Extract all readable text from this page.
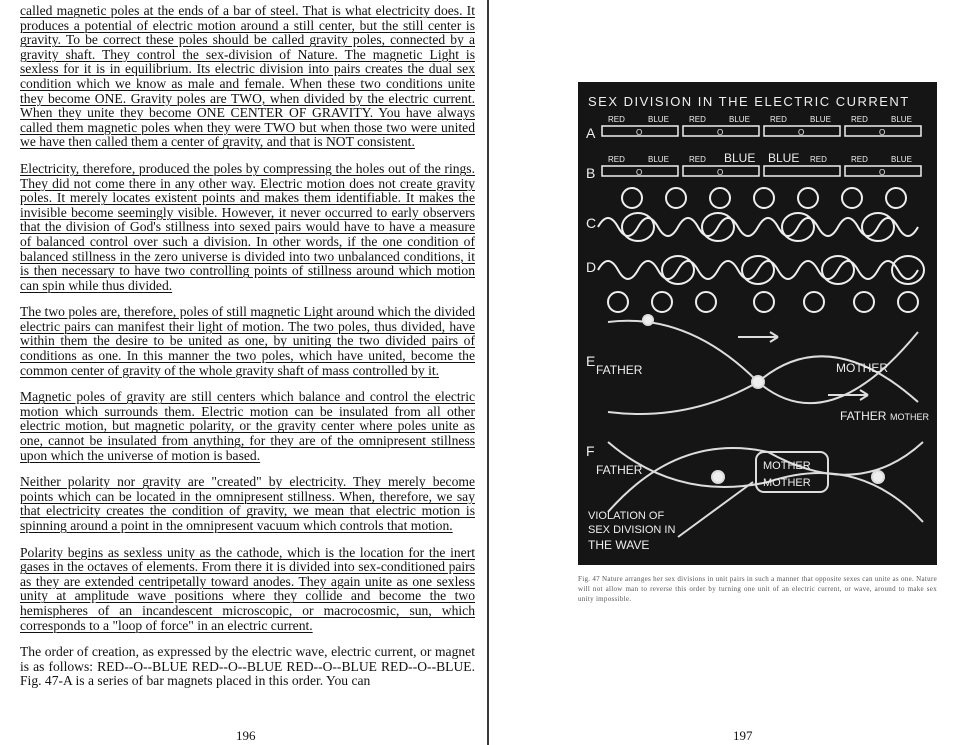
called magnetic poles at the ends of a bar of steel. That is what electricity does. It produces a potential of electric motion around a still center, but the still center is gravity. To be correct these poles should be called gravity poles, connected by a gravity shaft. They control the sex-division of Nature. The magnetic Light is sexless for it is in equilibrium. Its electric division into pairs creates the dual sex condition which we know as male and female. When these two conditions unite they become ONE. Gravity poles are TWO, when divided by the electric current. When they unite they become ONE CENTER OF GRAVITY. You have always called them magnetic poles when they were TWO but when those two were united we have then called them a center of gravity, and that is NOT consistent.

Electricity, therefore, produced the poles by compressing the holes out of the rings. They did not come there in any other way. Electric motion does not create gravity poles. It merely locates existent points and makes them identifiable. It makes the invisible become seemingly visible. However, it never occurred to early observers that the division of God's stillness into sexed pairs would have to have a measure of balanced control over such a division. In other words, if the one condition of balanced stillness in the zero universe is divided into two unbalanced conditions, it is then necessary to have two controlling points of stillness around which motion can spin while thus divided.

The two poles are, therefore, poles of still magnetic Light around which the divided electric pairs can manifest their light of motion. The two poles, thus divided, have within them the desire to be united as one, by uniting the two divided pairs of conditions as one. In this manner the two poles, which have united, become the common center of gravity of the whole gravity shaft of mass controlled by it.

Magnetic poles of gravity are still centers which balance and control the electric motion which surrounds them. Electric motion can be insulated from all other electric motion, but magnetic polarity, or the gravity center where poles unite as one, cannot be insulated from anything, for they are of the omnipresent stillness upon which the universe of motion is based.

Neither polarity nor gravity are "created" by electricity. They merely become points which can be located in the omnipresent stillness. When, therefore, we say that electricity creates the condition of gravity, we mean that electric motion is spinning around a point in the omnipresent vacuum which controls that motion.

Polarity begins as sexless unity as the cathode, which is the location for the inert gases in the octaves of elements. From there it is divided into sex-conditioned pairs as they are extended centripetally toward anodes. They again unite as one sexless unity at amplitude wave positions where they collide and become the two hemispheres of an incandescent microscopic, or macrocosmic, sun, which corresponds to a "loop of force" in an electric current.

The order of creation, as expressed by the electric wave, electric current, or magnet is as follows: RED--O--BLUE RED--O--BLUE RED--O--BLUE RED--O--BLUE. Fig. 47-A is a series of bar magnets placed in this order. You can

196
SEX DIVISION IN THE ELECTRIC CURRENT
A
B
C
D
E
F
RED	BLUE	RED	BLUE	RED	BLUE	RED	BLUE
O	O	O	O
RED	BLUE	RED BLUE BLUE RED	RED	BLUE
O	O	O
FATHER	MOTHER
FATHER MOTHER
FATHER	MOTHER
MOTHER
VIOLATION OF
SEX DIVISION IN
THE WAVE
Fig. 47 Nature arranges her sex divisions in unit pairs in such a manner that opposite sexes can unite as one. Nature will not allow man to reverse this order by turning one unit of an electric current, or wave, around to make sex unity impossible.
197
